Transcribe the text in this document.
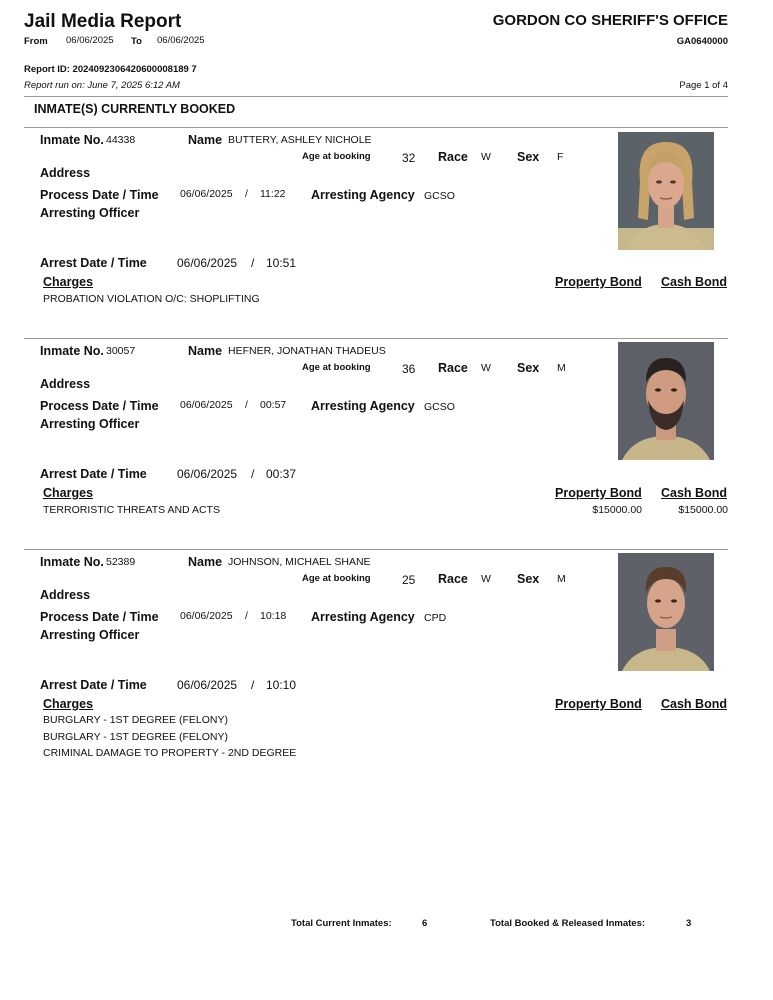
Jail Media Report	GORDON CO SHERIFF'S OFFICE
From 06/06/2025 To 06/06/2025	GA0640000
Report ID: 2024092306420600008189 7
Report run on: June 7, 2025 6:12 AM	Page 1 of 4
INMATE(S) CURRENTLY BOOKED
Inmate No. 44338	Name BUTTERY, ASHLEY NICHOLE
Age at booking	32 Race W Sex F
Address
Process Date / Time 06/06/2025 / 11:22 Arresting Agency GCSO
Arresting Officer
Arrest Date / Time	06/06/2025 / 10:51
Charges	Property Bond Cash Bond
PROBATION VIOLATION O/C: SHOPLIFTING
Inmate No. 30057	Name HEFNER, JONATHAN THADEUS
Age at booking	36 Race W Sex M
Address
Process Date / Time 06/06/2025 / 00:57 Arresting Agency GCSO
Arresting Officer
Arrest Date / Time	06/06/2025 / 00:37
Charges	Property Bond Cash Bond
TERRORISTIC THREATS AND ACTS	$15000.00	$15000.00
Inmate No. 52389	Name JOHNSON, MICHAEL SHANE
Age at booking	25 Race W Sex M
Address
Process Date / Time 06/06/2025 / 10:18 Arresting Agency CPD
Arresting Officer
Arrest Date / Time	06/06/2025 / 10:10
Charges	Property Bond Cash Bond
BURGLARY - 1ST DEGREE (FELONY)
BURGLARY - 1ST DEGREE (FELONY)
CRIMINAL DAMAGE TO PROPERTY - 2ND DEGREE
Total Current Inmates:	6	Total Booked & Released Inmates:	3
